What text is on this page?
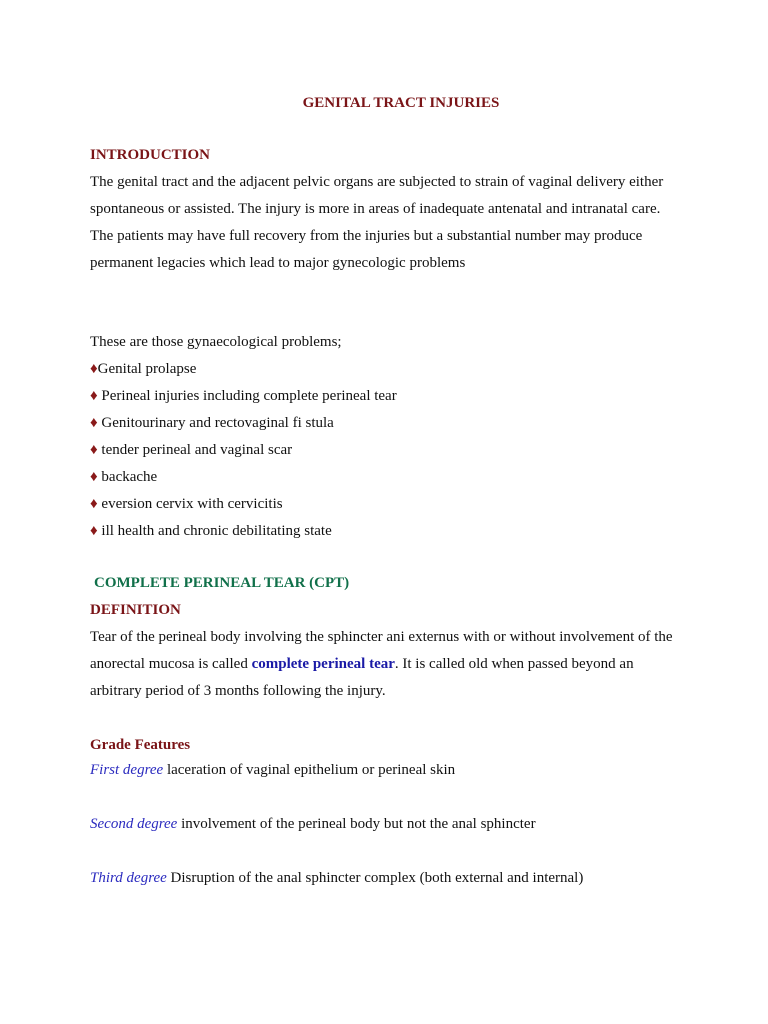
GENITAL TRACT INJURIES
INTRODUCTION
The genital tract and the adjacent pelvic organs are subjected to strain of vaginal delivery either
spontaneous or assisted. The injury is more in areas of inadequate antenatal and intranatal care.
The patients may have full recovery from the injuries but a substantial number may produce
permanent legacies which lead to major gynecologic problems
These are those gynaecological problems;
♦Genital prolapse
♦ Perineal injuries including complete perineal tear
♦ Genitourinary and rectovaginal fi stula
♦ tender perineal and vaginal scar
♦ backache
♦ eversion cervix with cervicitis
♦ ill health and chronic debilitating state
COMPLETE PERINEAL TEAR (CPT)
DEFINITION
Tear of the perineal body involving the sphincter ani externus with or without involvement of the
anorectal mucosa is called complete perineal tear. It is called old when passed beyond an
arbitrary period of 3 months following the injury.
Grade Features
First degree laceration of vaginal epithelium or perineal skin
Second degree involvement of the perineal body but not the anal sphincter
Third degree Disruption of the anal sphincter complex (both external and internal)
